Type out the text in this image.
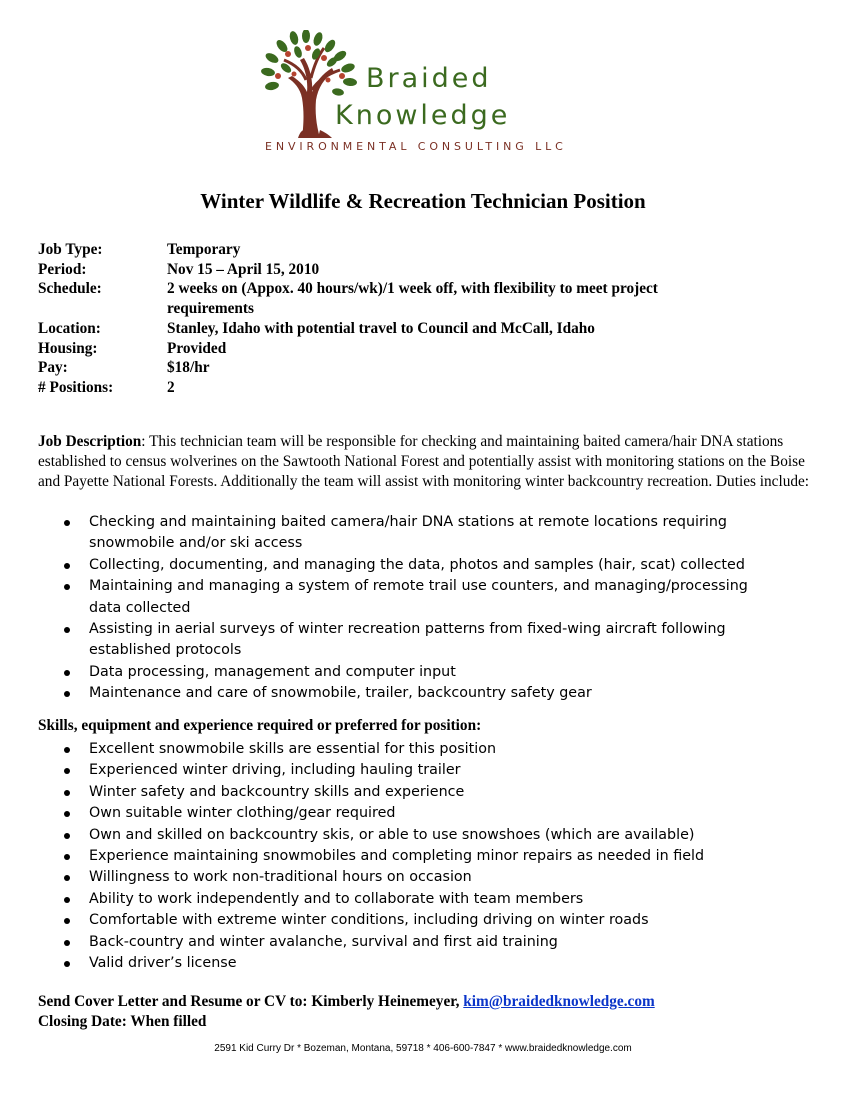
Braided
Knowledge
ENVIRONMENTAL CONSULTING LLC
Winter Wildlife & Recreation Technician Position
Job Type:	Temporary
Period:	Nov 15 – April 15, 2010
Schedule:	2 weeks on (Appox. 40 hours/wk)/1 week off, with flexibility to meet project requirements
Location:	Stanley, Idaho with potential travel to Council and McCall, Idaho
Housing:	Provided
Pay:	$18/hr
# Positions:	2
Job Description: This technician team will be responsible for checking and maintaining baited camera/hair DNA stations established to census wolverines on the Sawtooth National Forest and potentially assist with monitoring stations on the Boise and Payette National Forests. Additionally the team will assist with monitoring winter backcountry recreation. Duties include:
Checking and maintaining baited camera/hair DNA stations at remote locations requiring snowmobile and/or ski access
Collecting, documenting, and managing the data, photos and samples (hair, scat) collected
Maintaining and managing a system of remote trail use counters, and managing/processing data collected
Assisting in aerial surveys of winter recreation patterns from fixed-wing aircraft following established protocols
Data processing, management and computer input
Maintenance and care of snowmobile, trailer, backcountry safety gear
Skills, equipment and experience required or preferred for position:
Excellent snowmobile skills are essential for this position
Experienced winter driving, including hauling trailer
Winter safety and backcountry skills and experience
Own suitable winter clothing/gear required
Own and skilled on backcountry skis, or able to use snowshoes (which are available)
Experience maintaining snowmobiles and completing minor repairs as needed in field
Willingness to work non-traditional hours on occasion
Ability to work independently and to collaborate with team members
Comfortable with extreme winter conditions, including driving on winter roads
Back-country and winter avalanche, survival and first aid training
Valid driver’s license
Send Cover Letter and Resume or CV to: Kimberly Heinemeyer, kim@braidedknowledge.com
Closing Date: When filled
2591 Kid Curry Dr * Bozeman, Montana, 59718 * 406-600-7847 * www.braidedknowledge.com
